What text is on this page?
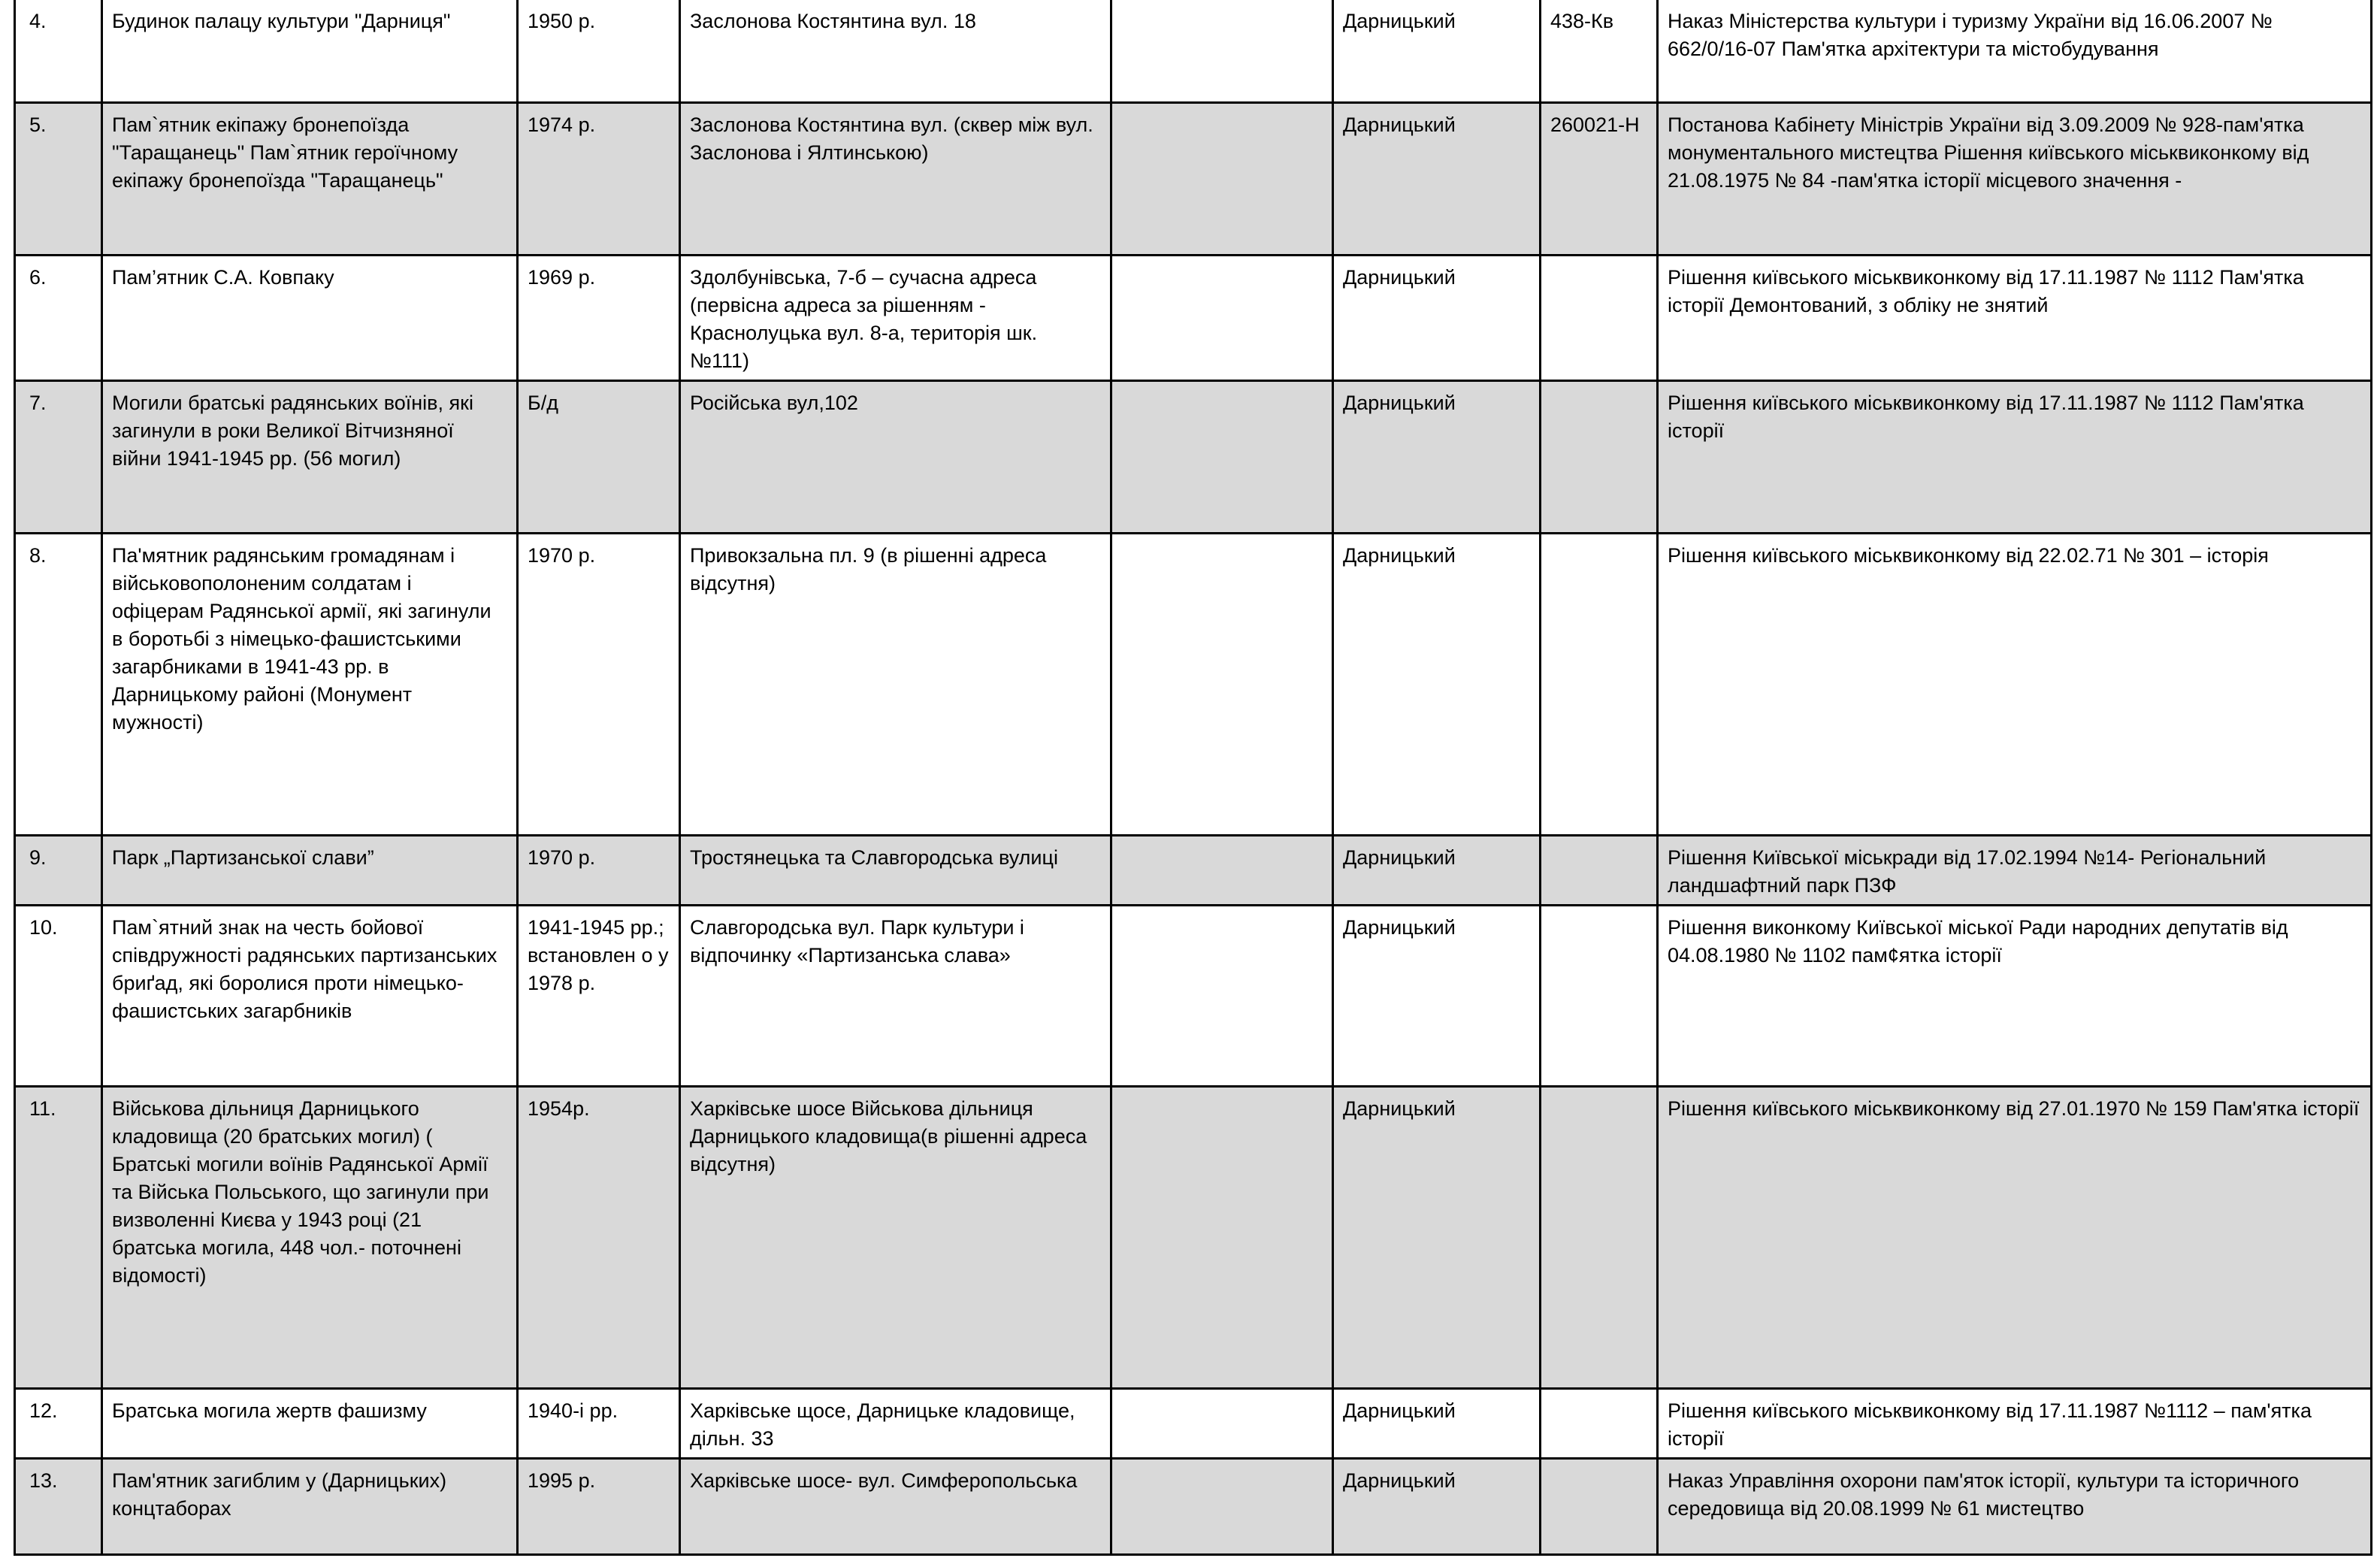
4.	Будинок палацу культури "Дарниця"	1950 р.	Заслонова Костянтина вул. 18		Дарницький	438-Кв	Наказ Міністерства культури і туризму України від 16.06.2007 № 662/0/16-07 Пам'ятка архітектури та містобудування
5.	Пам`ятник екіпажу бронепоїзда "Таращанець" Пам`ятник героїчному екіпажу бронепоїзда "Таращанець"	1974 р.	Заслонова Костянтина вул. (сквер між вул. Заслонова і Ялтинською)		Дарницький	260021-Н	Постанова Кабінету Міністрів України від 3.09.2009 № 928-пам'ятка монументального мистецтва Рішення київського міськвиконкому від 21.08.1975 № 84 -пам'ятка історії місцевого значення -
6.	Пам’ятник С.А. Ковпаку	1969 р.	Здолбунівська, 7-б – сучасна адреса (первісна адреса за рішенням - Краснолуцька вул. 8-а, територія шк. №111)		Дарницький		Рішення київського міськвиконкому від 17.11.1987 № 1112 Пам'ятка історії Демонтований, з обліку не знятий
7.	Могили братські радянських воїнів, які загинули в роки Великої Вітчизняної війни 1941-1945 рр. (56 могил)	Б/д	Російська вул,102		Дарницький		Рішення київського міськвиконкому від 17.11.1987 № 1112 Пам'ятка історії
8.	Па'мятник радянським громадянам і військовополоненим солдатам і офіцерам Радянської армії, які загинули в боротьбі з німецько-фашистськими загарбниками в 1941-43 рр. в Дарницькому районі (Монумент мужності)	1970 р.	Привокзальна пл. 9 (в рішенні адреса відсутня)		Дарницький		Рішення київського міськвиконкому від 22.02.71 № 301 – історія
9.	Парк „Партизанської слави”	1970 р.	Тростянецька та Славгородська вулиці		Дарницький		Рішення Київської міськради від 17.02.1994 №14- Регіональний ландшафтний парк ПЗФ
10.	Пам`ятний знак на честь бойової співдружності радянських партизанських бриґад, які боролися проти німецько-фашистських загарбників	1941-1945 рр.; встановлен о у 1978 р.	Славгородська вул. Парк культури і відпочинку «Партизанська слава»		Дарницький		Рішення виконкому Київської міської Ради народних депутатів від 04.08.1980 № 1102 пам¢ятка історії
11.	Військова дільниця Дарницького кладовища (20 братських могил) ( Братські могили воїнів Радянської Армії та Війська Польського, що загинули при визволенні Києва у 1943 році (21 братська могила, 448 чол.- поточнені відомості)	1954р.	Харківське шосе Військова дільниця Дарницького кладовища(в рішенні адреса відсутня)		Дарницький		Рішення київського міськвиконкому від 27.01.1970 № 159 Пам'ятка історії
12.	Братська могила жертв фашизму	1940-і рр.	Харківське щосе, Дарницьке кладовище, дільн. 33		Дарницький		Рішення київського міськвиконкому від 17.11.1987 №1112 – пам'ятка історії
13.	Пам'ятник загиблим у (Дарницьких) концтаборах	1995 р.	Харківське шосе- вул. Симферопольська		Дарницький		Наказ Управління охорони пам'яток історії, культури та історичного середовища від 20.08.1999 № 61 мистецтво
